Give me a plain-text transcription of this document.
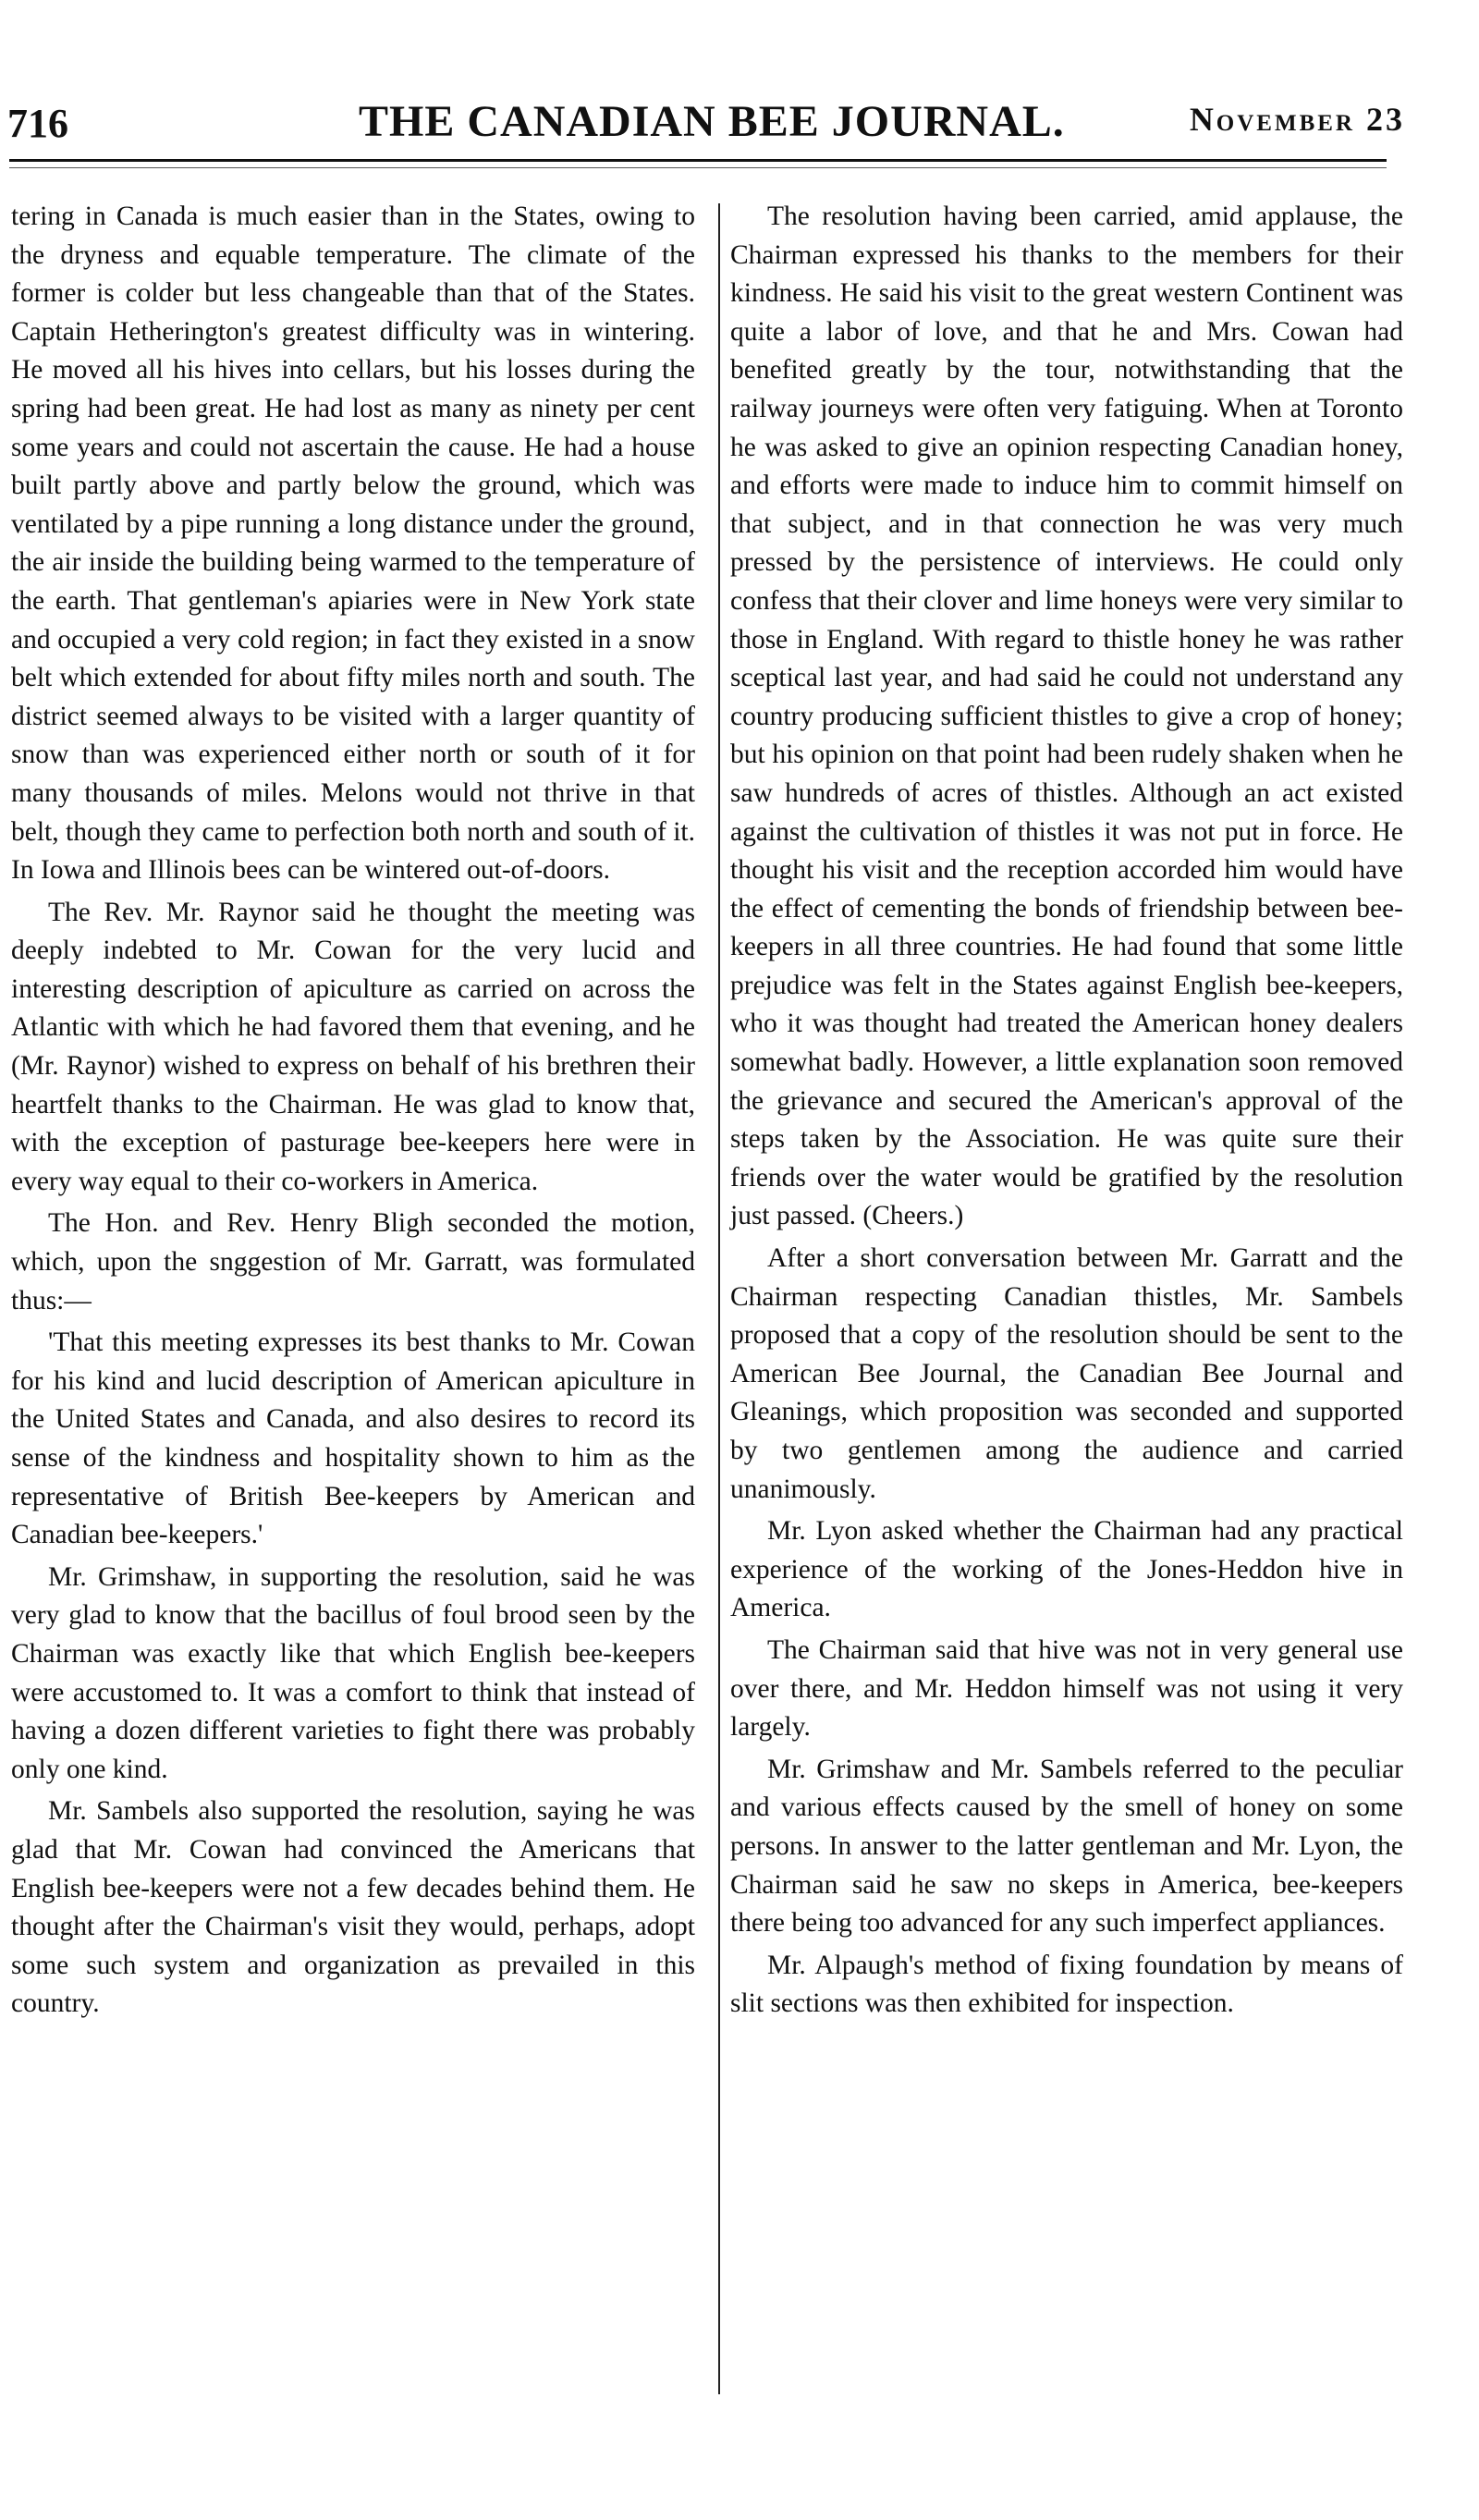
716	THE CANADIAN BEE JOURNAL.	November 23

tering in Canada is much easier than in the States, owing to the dryness and equable temperature. The climate of the former is colder but less changeable than that of the States. Captain Hetherington's greatest difficulty was in wintering. He moved all his hives into cellars, but his losses during the spring had been great. He had lost as many as ninety per cent some years and could not ascertain the cause. He had a house built partly above and partly below the ground, which was ventilated by a pipe running a long distance under the ground, the air inside the building being warmed to the temperature of the earth. That gentleman's apiaries were in New York state and occupied a very cold region; in fact they existed in a snow belt which extended for about fifty miles north and south. The district seemed always to be visited with a larger quantity of snow than was experienced either north or south of it for many thousands of miles. Melons would not thrive in that belt, though they came to perfection both north and south of it. In Iowa and Illinois bees can be wintered out-of-doors.

The Rev. Mr. Raynor said he thought the meeting was deeply indebted to Mr. Cowan for the very lucid and interesting description of apiculture as carried on across the Atlantic with which he had favored them that evening, and he (Mr. Raynor) wished to express on behalf of his brethren their heartfelt thanks to the Chairman. He was glad to know that, with the exception of pasturage bee-keepers here were in every way equal to their co-workers in America.

The Hon. and Rev. Henry Bligh seconded the motion, which, upon the snggestion of Mr. Garratt, was formulated thus:—

'That this meeting expresses its best thanks to Mr. Cowan for his kind and lucid description of American apiculture in the United States and Canada, and also desires to record its sense of the kindness and hospitality shown to him as the representative of British Bee-keepers by American and Canadian bee-keepers.'

Mr. Grimshaw, in supporting the resolution, said he was very glad to know that the bacillus of foul brood seen by the Chairman was exactly like that which English bee-keepers were accustomed to. It was a comfort to think that instead of having a dozen different varieties to fight there was probably only one kind.

Mr. Sambels also supported the resolution, saying he was glad that Mr. Cowan had convinced the Americans that English bee-keepers were not a few decades behind them. He thought after the Chairman's visit they would, perhaps, adopt some such system and organization as prevailed in this country.

The resolution having been carried, amid applause, the Chairman expressed his thanks to the members for their kindness. He said his visit to the great western Continent was quite a labor of love, and that he and Mrs. Cowan had benefited greatly by the tour, notwithstanding that the railway journeys were often very fatiguing. When at Toronto he was asked to give an opinion respecting Canadian honey, and efforts were made to induce him to commit himself on that subject, and in that connection he was very much pressed by the persistence of interviews. He could only confess that their clover and lime honeys were very similar to those in England. With regard to thistle honey he was rather sceptical last year, and had said he could not understand any country producing sufficient thistles to give a crop of honey; but his opinion on that point had been rudely shaken when he saw hundreds of acres of thistles. Although an act existed against the cultivation of thistles it was not put in force. He thought his visit and the reception accorded him would have the effect of cementing the bonds of friendship between bee-keepers in all three countries. He had found that some little prejudice was felt in the States against English bee-keepers, who it was thought had treated the American honey dealers somewhat badly. However, a little explanation soon removed the grievance and secured the American's approval of the steps taken by the Association. He was quite sure their friends over the water would be gratified by the resolution just passed. (Cheers.)

After a short conversation between Mr. Garratt and the Chairman respecting Canadian thistles, Mr. Sambels proposed that a copy of the resolution should be sent to the American Bee Journal, the Canadian Bee Journal and Gleanings, which proposition was seconded and supported by two gentlemen among the audience and carried unanimously.

Mr. Lyon asked whether the Chairman had any practical experience of the working of the Jones-Heddon hive in America.

The Chairman said that hive was not in very general use over there, and Mr. Heddon himself was not using it very largely.

Mr. Grimshaw and Mr. Sambels referred to the peculiar and various effects caused by the smell of honey on some persons. In answer to the latter gentleman and Mr. Lyon, the Chairman said he saw no skeps in America, bee-keepers there being too advanced for any such imperfect appliances.

Mr. Alpaugh's method of fixing foundation by means of slit sections was then exhibited for inspection.
